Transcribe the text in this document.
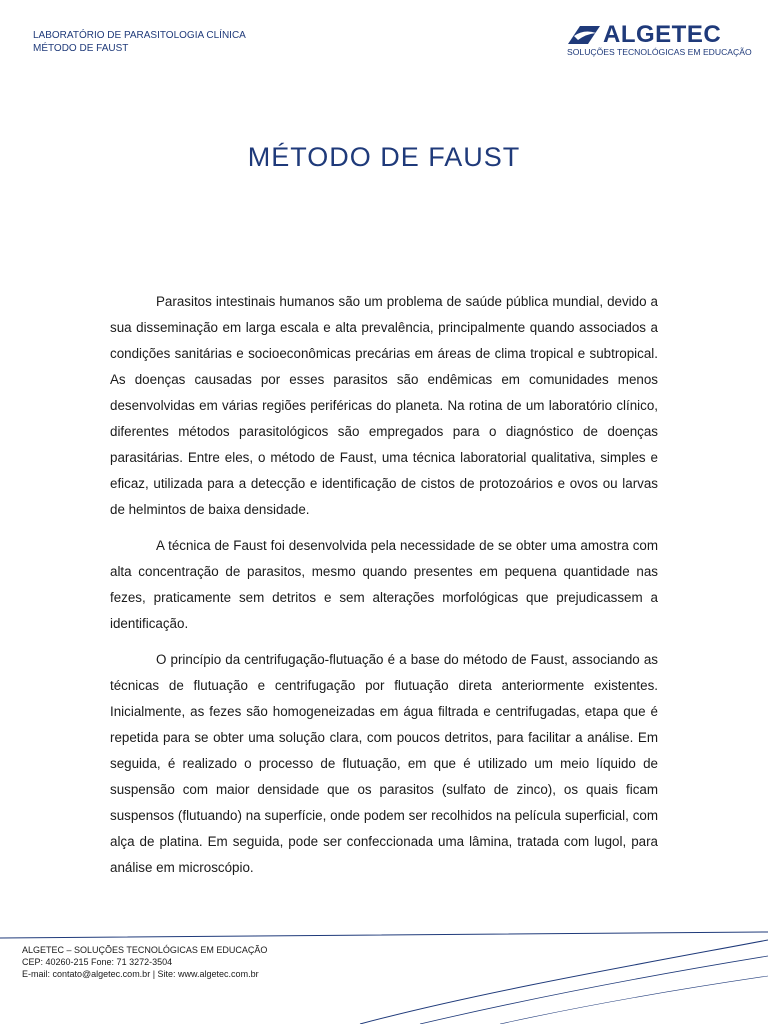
LABORATÓRIO DE PARASITOLOGIA CLÍNICA
MÉTODO DE FAUST
ALGETEC
SOLUÇÕES TECNOLÓGICAS EM EDUCAÇÃO
MÉTODO DE FAUST

Parasitos intestinais humanos são um problema de saúde pública mundial, devido a sua disseminação em larga escala e alta prevalência, principalmente quando associados a condições sanitárias e socioeconômicas precárias em áreas de clima tropical e subtropical. As doenças causadas por esses parasitos são endêmicas em comunidades menos desenvolvidas em várias regiões periféricas do planeta. Na rotina de um laboratório clínico, diferentes métodos parasitológicos são empregados para o diagnóstico de doenças parasitárias. Entre eles, o método de Faust, uma técnica laboratorial qualitativa, simples e eficaz, utilizada para a detecção e identificação de cistos de protozoários e ovos ou larvas de helmintos de baixa densidade.

A técnica de Faust foi desenvolvida pela necessidade de se obter uma amostra com alta concentração de parasitos, mesmo quando presentes em pequena quantidade nas fezes, praticamente sem detritos e sem alterações morfológicas que prejudicassem a identificação.

O princípio da centrifugação-flutuação é a base do método de Faust, associando as técnicas de flutuação e centrifugação por flutuação direta anteriormente existentes. Inicialmente, as fezes são homogeneizadas em água filtrada e centrifugadas, etapa que é repetida para se obter uma solução clara, com poucos detritos, para facilitar a análise. Em seguida, é realizado o processo de flutuação, em que é utilizado um meio líquido de suspensão com maior densidade que os parasitos (sulfato de zinco), os quais ficam suspensos (flutuando) na superfície, onde podem ser recolhidos na película superficial, com alça de platina. Em seguida, pode ser confeccionada uma lâmina, tratada com lugol, para análise em microscópio.

ALGETEC – SOLUÇÕES TECNOLÓGICAS EM EDUCAÇÃO
CEP: 40260-215 Fone: 71 3272-3504
E-mail: contato@algetec.com.br | Site: www.algetec.com.br
